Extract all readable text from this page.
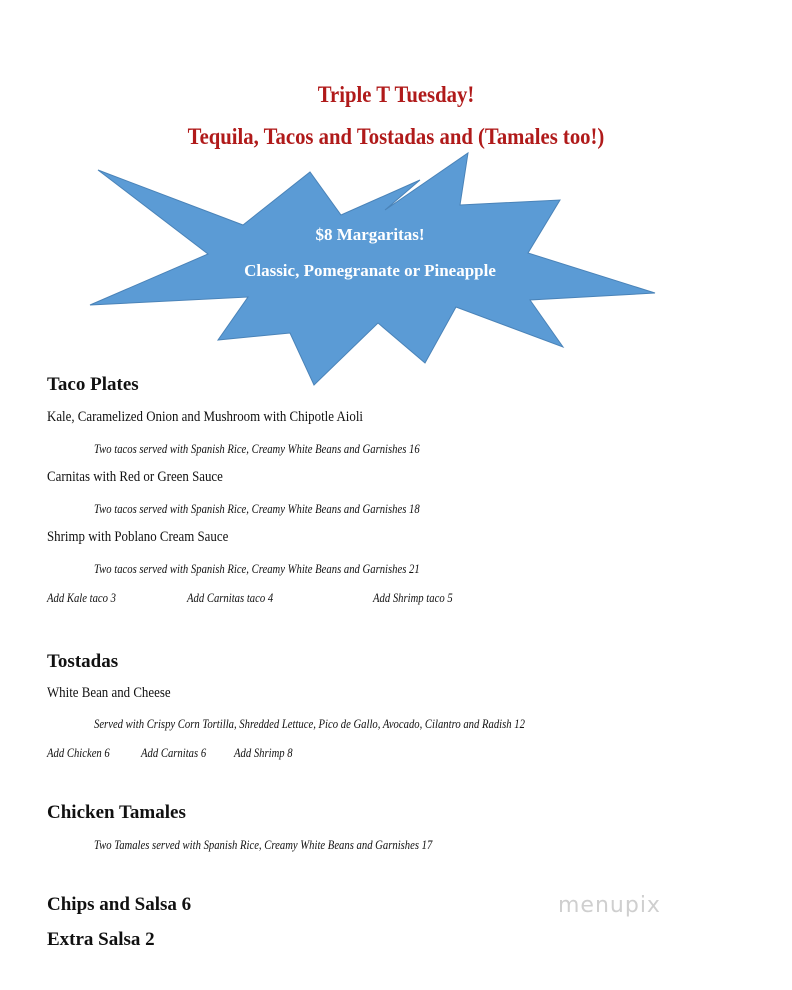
Triple T Tuesday!
Tequila, Tacos and Tostadas and (Tamales too!)

$8 Margaritas!

Classic, Pomegranate or Pineapple

Taco Plates

Kale, Caramelized Onion and Mushroom with Chipotle Aioli

Two tacos served with Spanish Rice, Creamy White Beans and Garnishes 16

Carnitas with Red or Green Sauce

Two tacos served with Spanish Rice, Creamy White Beans and Garnishes 18

Shrimp with Poblano Cream Sauce

Two tacos served with Spanish Rice, Creamy White Beans and Garnishes 21

Add Kale taco 3	Add Carnitas taco 4	Add Shrimp taco 5

Tostadas

White Bean and Cheese

Served with Crispy Corn Tortilla, Shredded Lettuce, Pico de Gallo, Avocado, Cilantro and Radish 12

Add Chicken 6 Add Carnitas 6 Add Shrimp 8

Chicken Tamales

Two Tamales served with Spanish Rice, Creamy White Beans and Garnishes 17

Chips and Salsa 6
Extra Salsa 2
menupix
